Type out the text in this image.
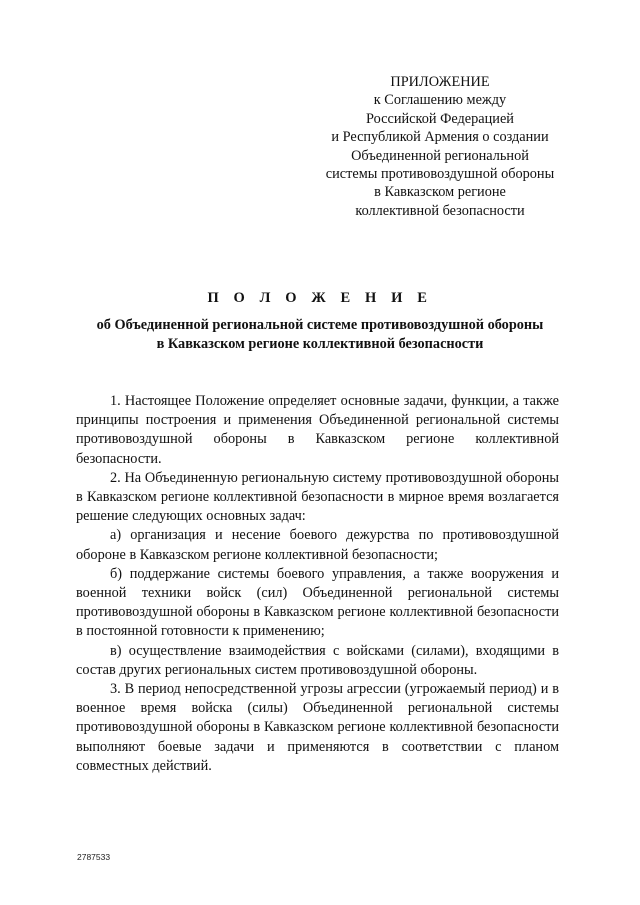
ПРИЛОЖЕНИЕ
к Соглашению между
Российской Федерацией
и Республикой Армения о создании
Объединенной региональной
системы противовоздушной обороны
в Кавказском регионе
коллективной безопасности
П О Л О Ж Е Н И Е
об Объединенной региональной системе противовоздушной обороны
в Кавказском регионе коллективной безопасности

1. Настоящее Положение определяет основные задачи, функции, а также принципы построения и применения Объединенной региональной системы противовоздушной обороны в Кавказском регионе коллективной безопасности.

2. На Объединенную региональную систему противовоздушной обороны в Кавказском регионе коллективной безопасности в мирное время возлагается решение следующих основных задач:

а) организация и несение боевого дежурства по противовоздушной обороне в Кавказском регионе коллективной безопасности;

б) поддержание системы боевого управления, а также вооружения и военной техники войск (сил) Объединенной региональной системы противовоздушной обороны в Кавказском регионе коллективной безопасности в постоянной готовности к применению;

в) осуществление взаимодействия с войсками (силами), входящими в состав других региональных систем противовоздушной обороны.

3. В период непосредственной угрозы агрессии (угрожаемый период) и в военное время войска (силы) Объединенной региональной системы противовоздушной обороны в Кавказском регионе коллективной безопасности выполняют боевые задачи и применяются в соответствии с планом совместных действий.

2787533
